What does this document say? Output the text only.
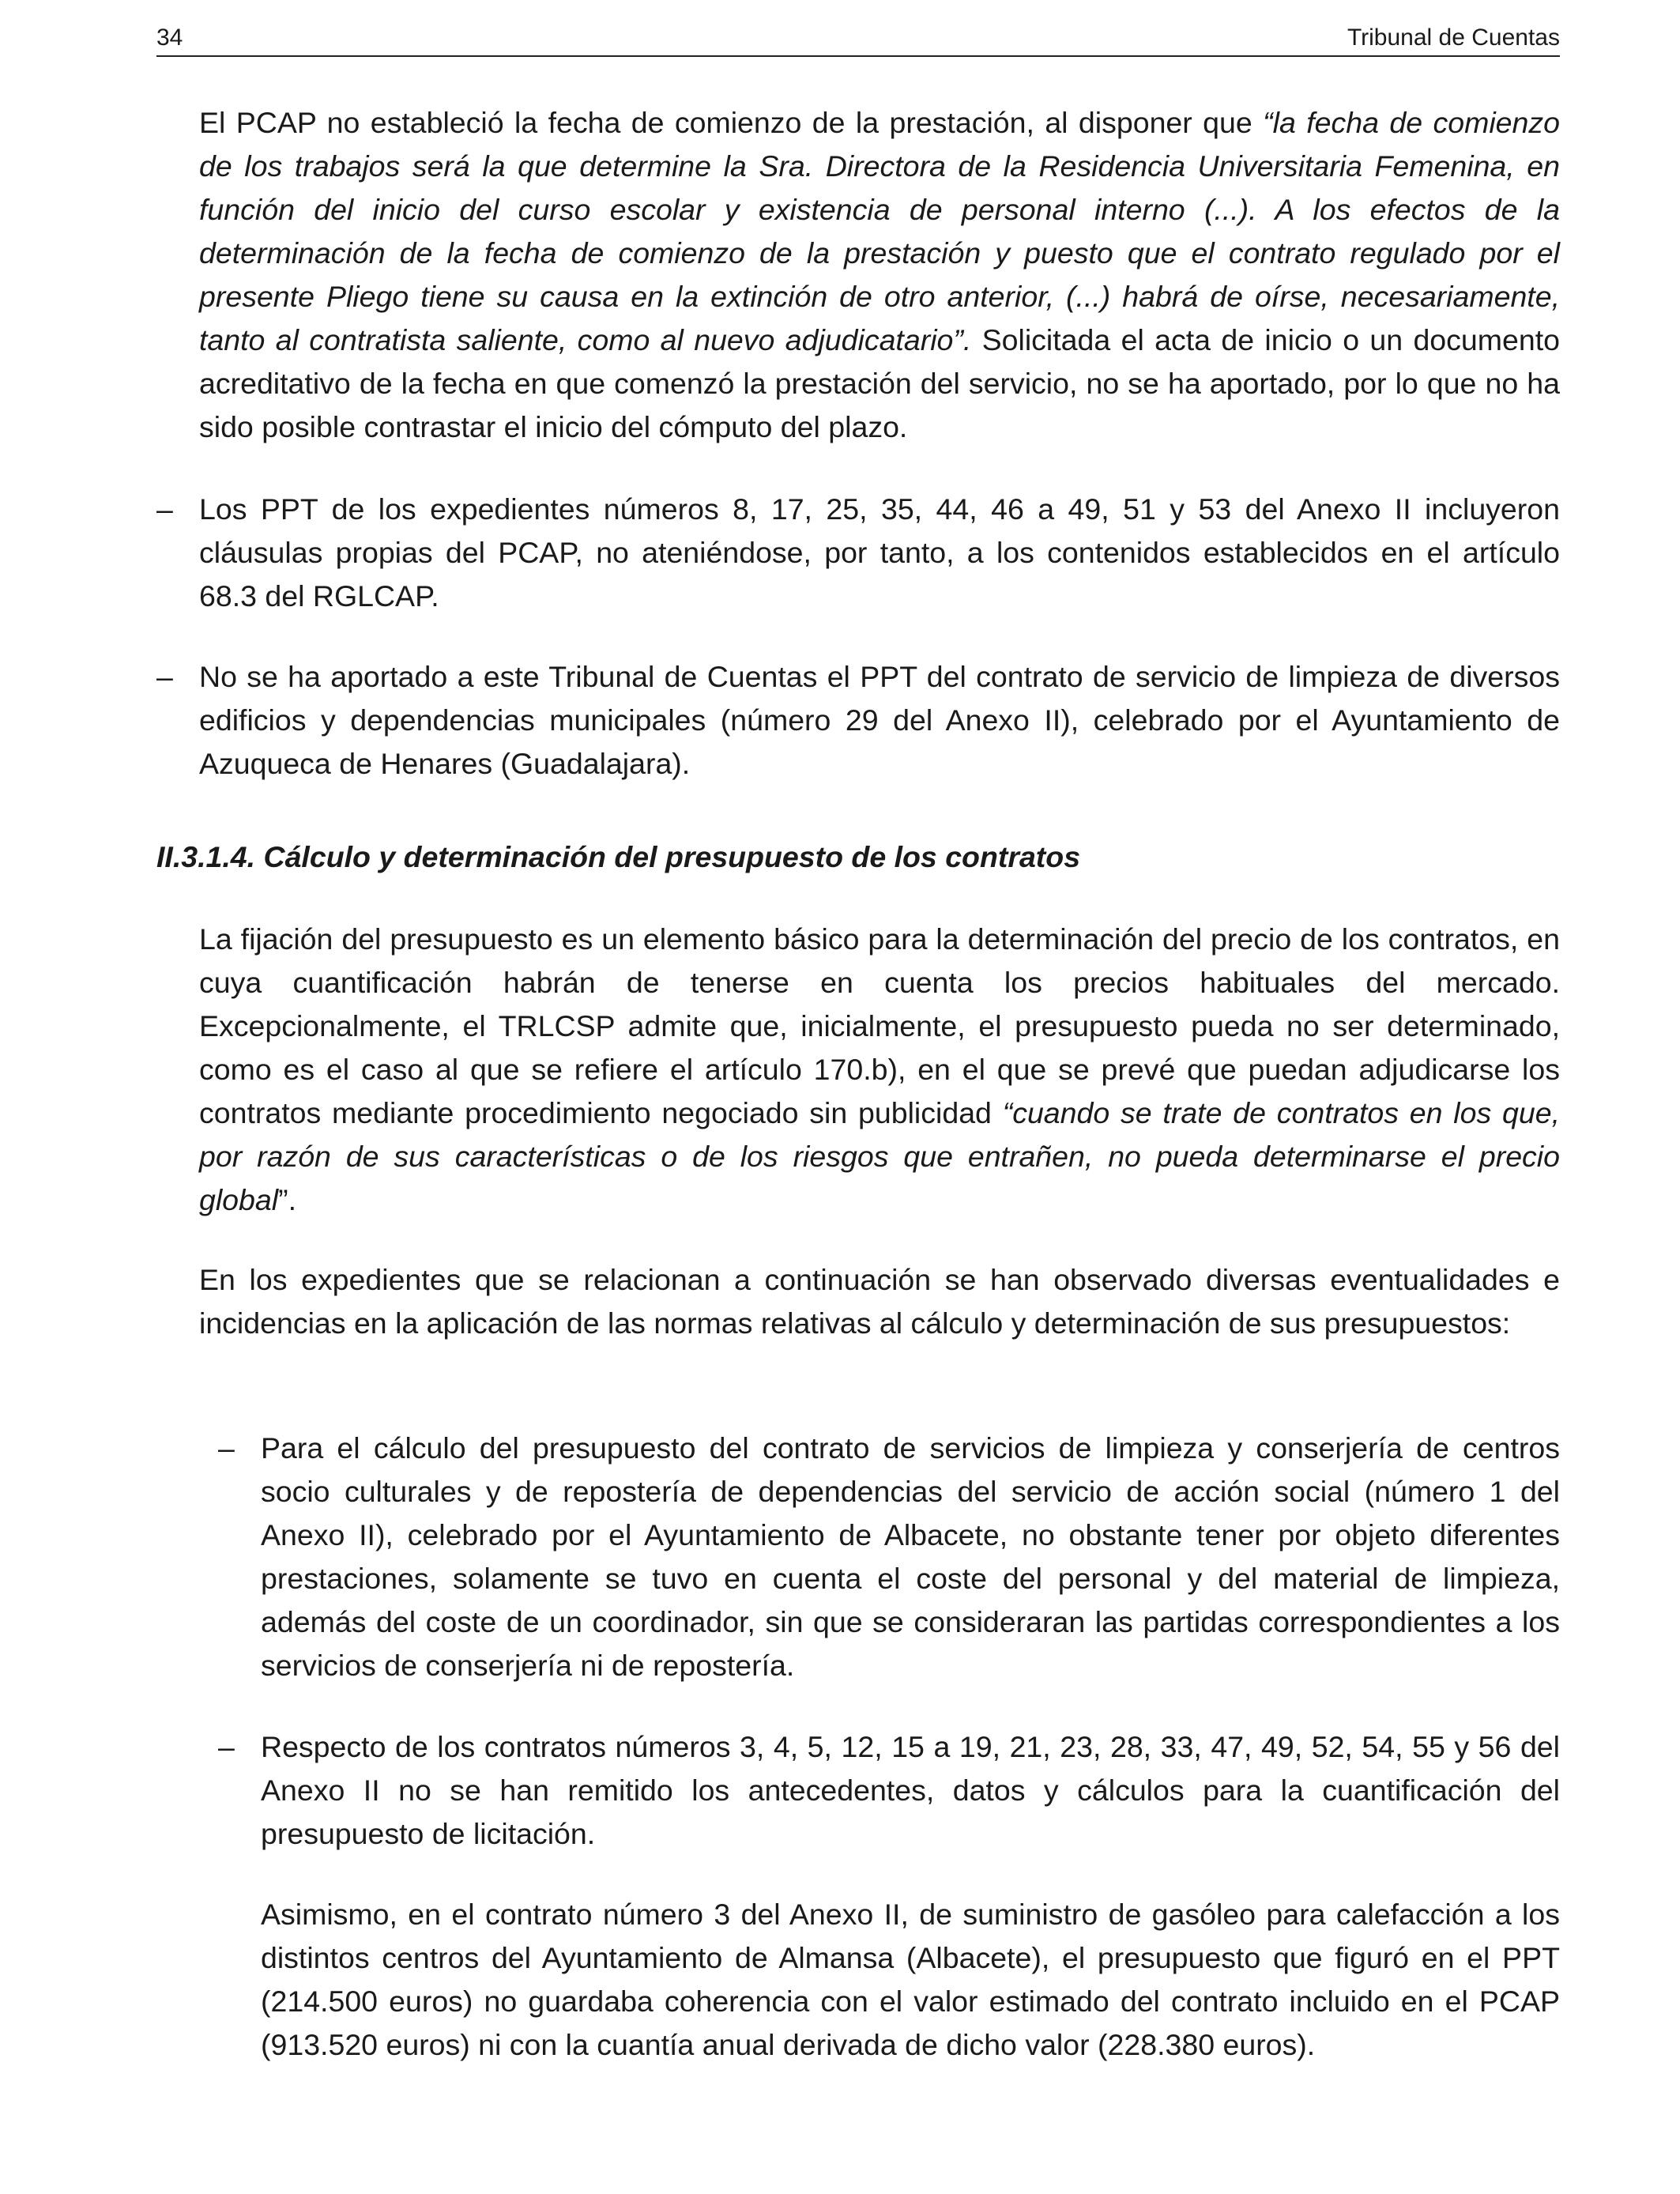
34	Tribunal de Cuentas

El PCAP no estableció la fecha de comienzo de la prestación, al disponer que “la fecha de comienzo de los trabajos será la que determine la Sra. Directora de la Residencia Universitaria Femenina, en función del inicio del curso escolar y existencia de personal interno (...). A los efectos de la determinación de la fecha de comienzo de la prestación y puesto que el contrato regulado por el presente Pliego tiene su causa en la extinción de otro anterior, (...) habrá de oírse, necesariamente, tanto al contratista saliente, como al nuevo adjudicatario”. Solicitada el acta de inicio o un documento acreditativo de la fecha en que comenzó la prestación del servicio, no se ha aportado, por lo que no ha sido posible contrastar el inicio del cómputo del plazo.

– Los PPT de los expedientes números 8, 17, 25, 35, 44, 46 a 49, 51 y 53 del Anexo II incluyeron cláusulas propias del PCAP, no ateniéndose, por tanto, a los contenidos establecidos en el artículo 68.3 del RGLCAP.

– No se ha aportado a este Tribunal de Cuentas el PPT del contrato de servicio de limpieza de diversos edificios y dependencias municipales (número 29 del Anexo II), celebrado por el Ayuntamiento de Azuqueca de Henares (Guadalajara).

II.3.1.4. Cálculo y determinación del presupuesto de los contratos

La fijación del presupuesto es un elemento básico para la determinación del precio de los contratos, en cuya cuantificación habrán de tenerse en cuenta los precios habituales del mercado. Excepcionalmente, el TRLCSP admite que, inicialmente, el presupuesto pueda no ser determinado, como es el caso al que se refiere el artículo 170.b), en el que se prevé que puedan adjudicarse los contratos mediante procedimiento negociado sin publicidad “cuando se trate de contratos en los que, por razón de sus características o de los riesgos que entrañen, no pueda determinarse el precio global”.

En los expedientes que se relacionan a continuación se han observado diversas eventualidades e incidencias en la aplicación de las normas relativas al cálculo y determinación de sus presupuestos:

– Para el cálculo del presupuesto del contrato de servicios de limpieza y conserjería de centros socio culturales y de repostería de dependencias del servicio de acción social (número 1 del Anexo II), celebrado por el Ayuntamiento de Albacete, no obstante tener por objeto diferentes prestaciones, solamente se tuvo en cuenta el coste del personal y del material de limpieza, además del coste de un coordinador, sin que se consideraran las partidas correspondientes a los servicios de conserjería ni de repostería.

– Respecto de los contratos números 3, 4, 5, 12, 15 a 19, 21, 23, 28, 33, 47, 49, 52, 54, 55 y 56 del Anexo II no se han remitido los antecedentes, datos y cálculos para la cuantificación del presupuesto de licitación.

Asimismo, en el contrato número 3 del Anexo II, de suministro de gasóleo para calefacción a los distintos centros del Ayuntamiento de Almansa (Albacete), el presupuesto que figuró en el PPT (214.500 euros) no guardaba coherencia con el valor estimado del contrato incluido en el PCAP (913.520 euros) ni con la cuantía anual derivada de dicho valor (228.380 euros).
